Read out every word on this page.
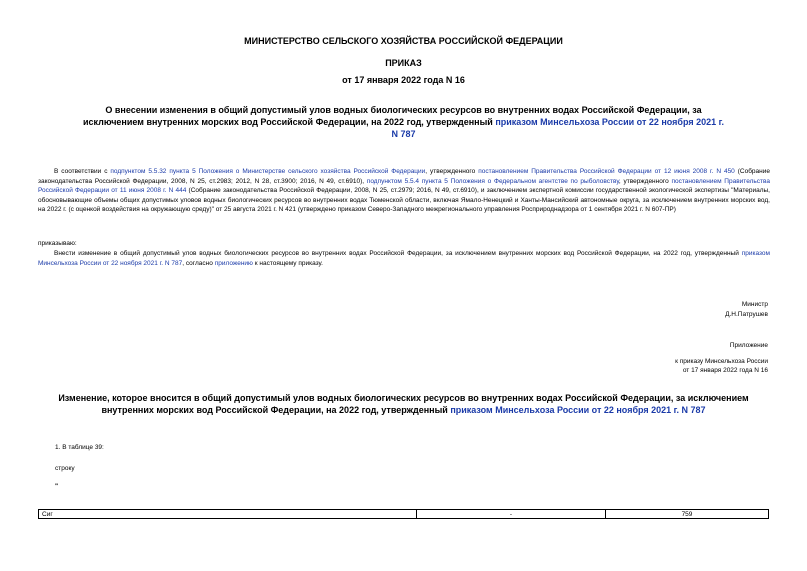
МИНИСТЕРСТВО СЕЛЬСКОГО ХОЗЯЙСТВА РОССИЙСКОЙ ФЕДЕРАЦИИ
ПРИКАЗ
от 17 января 2022 года N 16
О внесении изменения в общий допустимый улов водных биологических ресурсов во внутренних водах Российской Федерации, за исключением внутренних морских вод Российской Федерации, на 2022 год, утвержденный приказом Минсельхоза России от 22 ноября 2021 г. N 787
В соответствии с подпунктом 5.5.32 пункта 5 Положения о Министерстве сельского хозяйства Российской Федерации, утвержденного постановлением Правительства Российской Федерации от 12 июня 2008 г. N 450 (Собрание законодательства Российской Федерации, 2008, N 25, ст.2983; 2012, N 28, ст.3900; 2016, N 49, ст.6910), подпунктом 5.5.4 пункта 5 Положения о Федеральном агентстве по рыболовству, утвержденного постановлением Правительства Российской Федерации от 11 июня 2008 г. N 444 (Собрание законодательства Российской Федерации, 2008, N 25, ст.2979; 2016, N 49, ст.6910), и заключением экспертной комиссии государственной экологической экспертизы "Материалы, обосновывающие объемы общих допустимых уловов водных биологических ресурсов во внутренних водах Тюменской области, включая Ямало-Ненецкий и Ханты-Мансийский автономные округа, за исключением внутренних морских вод, на 2022 г. (с оценкой воздействия на окружающую среду)" от 25 августа 2021 г. N 421 (утверждено приказом Северо-Западного межрегионального управления Росприроднадзора от 1 сентября 2021 г. N 607-ПР)
приказываю:
Внести изменение в общий допустимый улов водных биологических ресурсов во внутренних водах Российской Федерации, за исключением внутренних морских вод Российской Федерации, на 2022 год, утвержденный приказом Минсельхоза России от 22 ноября 2021 г. N 787, согласно приложению к настоящему приказу.
Министр
Д.Н.Патрушев
Приложение
к приказу Минсельхоза России
от 17 января 2022 года N 16
Изменение, которое вносится в общий допустимый улов водных биологических ресурсов во внутренних водах Российской Федерации, за исключением внутренних морских вод Российской Федерации, на 2022 год, утвержденный приказом Минсельхоза России от 22 ноября 2021 г. N 787
1. В таблице 39:
строку
"
Сиг	-	759
